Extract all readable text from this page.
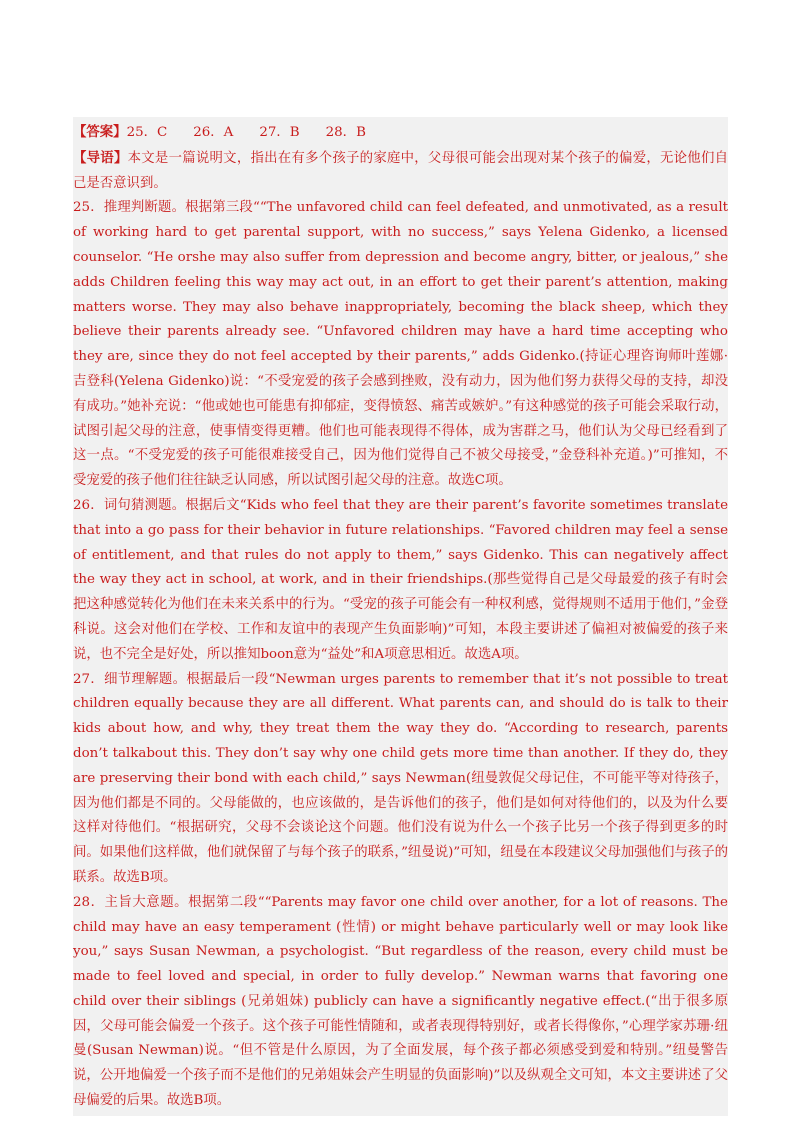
【答案】25．C 26．A 27．B 28．B

【导语】本文是一篇说明文，指出在有多个孩子的家庭中，父母很可能会出现对某个孩子的偏爱，无论他们自己是否意识到。

25．推理判断题。根据第三段““The unfavored child can feel defeated, and unmotivated, as a result of working hard to get parental support, with no success,” says Yelena Gidenko, a licensed counselor. “He orshe may also suffer from depression and become angry, bitter, or jealous,” she adds Children feeling this way may act out, in an effort to get their parent’s attention, making matters worse. They may also behave inappropriately, becoming the black sheep, which they believe their parents already see. “Unfavored children may have a hard time accepting who they are, since they do not feel accepted by their parents,” adds Gidenko.(持证心理咨询师叶莲娜·吉登科(Yelena Gidenko)说：“不受宠爱的孩子会感到挫败，没有动力，因为他们努力获得父母的支持，却没有成功。”她补充说：“他或她也可能患有抑郁症，变得愤怒、痛苦或嫉妒。”有这种感觉的孩子可能会采取行动，试图引起父母的注意，使事情变得更糟。他们也可能表现得不得体，成为害群之马，他们认为父母已经看到了这一点。“不受宠爱的孩子可能很难接受自己，因为他们觉得自己不被父母接受，”金登科补充道。)”可推知，不受宠爱的孩子他们往往缺乏认同感，所以试图引起父母的注意。故选C项。

26．词句猜测题。根据后文“Kids who feel that they are their parent’s favorite sometimes translate that into a go pass for their behavior in future relationships. “Favored children may feel a sense of entitlement, and that rules do not apply to them,” says Gidenko. This can negatively affect the way they act in school, at work, and in their friendships.(那些觉得自己是父母最爱的孩子有时会把这种感觉转化为他们在未来关系中的行为。“受宠的孩子可能会有一种权利感，觉得规则不适用于他们，”金登科说。这会对他们在学校、工作和友谊中的表现产生负面影响)”可知，本段主要讲述了偏袒对被偏爱的孩子来说，也不完全是好处，所以推知boon意为“益处”和A项意思相近。故选A项。

27．细节理解题。根据最后一段“Newman urges parents to remember that it’s not possible to treat children equally because they are all different. What parents can, and should do is talk to their kids about how, and why, they treat them the way they do. “According to research, parents don’t talkabout this. They don’t say why one child gets more time than another. If they do, they are preserving their bond with each child,” says Newman(纽曼敦促父母记住，不可能平等对待孩子，因为他们都是不同的。父母能做的，也应该做的，是告诉他们的孩子，他们是如何对待他们的，以及为什么要这样对待他们。“根据研究，父母不会谈论这个问题。他们没有说为什么一个孩子比另一个孩子得到更多的时间。如果他们这样做，他们就保留了与每个孩子的联系，”纽曼说)”可知，纽曼在本段建议父母加强他们与孩子的联系。故选B项。

28．主旨大意题。根据第二段““Parents may favor one child over another, for a lot of reasons. The child may have an easy temperament (性情) or might behave particularly well or may look like you,” says Susan Newman, a psychologist. “But regardless of the reason, every child must be made to feel loved and special, in order to fully develop.” Newman warns that favoring one child over their siblings (兄弟姐妹) publicly can have a significantly negative effect.(“出于很多原因，父母可能会偏爱一个孩子。这个孩子可能性情随和，或者表现得特别好，或者长得像你，”心理学家苏珊·纽曼(Susan Newman)说。“但不管是什么原因，为了全面发展，每个孩子都必须感受到爱和特别。”纽曼警告说，公开地偏爱一个孩子而不是他们的兄弟姐妹会产生明显的负面影响)”以及纵观全文可知，本文主要讲述了父母偏爱的后果。故选B项。
